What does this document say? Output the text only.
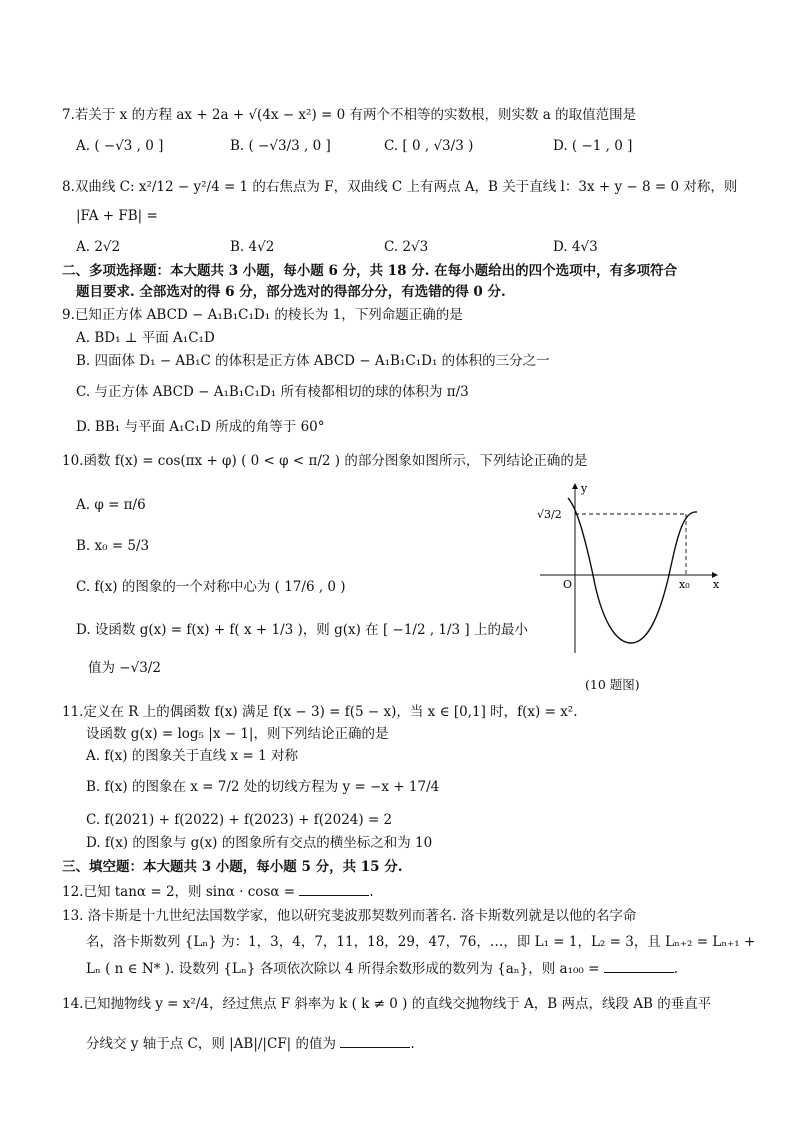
7.若关于 x 的方程 ax + 2a + √(4x − x²) = 0 有两个不相等的实数根，则实数 a 的取值范围是
A. ( −√3 , 0 ]	B. ( −√3/3 , 0 ]	C. [ 0 , √3/3 )	D. ( −1 , 0 ]
8.双曲线 C: x²/12 − y²/4 = 1 的右焦点为 F，双曲线 C 上有两点 A，B 关于直线 l：3x + y − 8 = 0 对称，则
|FA + FB| =
A. 2√2	B. 4√2	C. 2√3	D. 4√3
二、多项选择题：本大题共 3 小题，每小题 6 分，共 18 分. 在每小题给出的四个选项中，有多项符合
题目要求. 全部选对的得 6 分，部分选对的得部分分，有选错的得 0 分.
9.已知正方体 ABCD − A₁B₁C₁D₁ 的棱长为 1，下列命题正确的是
A. BD₁ ⊥ 平面 A₁C₁D
B. 四面体 D₁ − AB₁C 的体积是正方体 ABCD − A₁B₁C₁D₁ 的体积的三分之一
C. 与正方体 ABCD − A₁B₁C₁D₁ 所有棱都相切的球的体积为 π/3
D. BB₁ 与平面 A₁C₁D 所成的角等于 60°
10.函数 f(x) = cos(πx + φ) ( 0 < φ < π/2 ) 的部分图象如图所示，下列结论正确的是
A. φ = π/6
B. x₀ = 5/3
C. f(x) 的图象的一个对称中心为 ( 17/6 , 0 )
D. 设函数 g(x) = f(x) + f( x + 1/3 )，则 g(x) 在 [ −1/2 , 1/3 ] 上的最小
值为 −√3/2
y
x
O	x₀
√3/2
(10 题图)
11.定义在 R 上的偶函数 f(x) 满足 f(x − 3) = f(5 − x)，当 x ∈ [0,1] 时，f(x) = x².
设函数 g(x) = log₅ |x − 1|，则下列结论正确的是
A. f(x) 的图象关于直线 x = 1 对称
B. f(x) 的图象在 x = 7/2 处的切线方程为 y = −x + 17/4
C. f(2021) + f(2022) + f(2023) + f(2024) = 2
D. f(x) 的图象与 g(x) 的图象所有交点的横坐标之和为 10
三、填空题：本大题共 3 小题，每小题 5 分，共 15 分.
12.已知 tanα = 2，则 sinα · cosα =	.
13. 洛卡斯是十九世纪法国数学家，他以研究斐波那契数列而著名. 洛卡斯数列就是以他的名字命
名，洛卡斯数列 {Lₙ} 为：1，3，4，7，11，18，29，47，76，…，即 L₁ = 1，L₂ = 3，且 Lₙ₊₂ = Lₙ₊₁ +
Lₙ ( n ∈ N* ). 设数列 {Lₙ} 各项依次除以 4 所得余数形成的数列为 {aₙ}，则 a₁₀₀ =	.
14.已知抛物线 y = x²/4，经过焦点 F 斜率为 k ( k ≠ 0 ) 的直线交抛物线于 A，B 两点，线段 AB 的垂直平
分线交 y 轴于点 C，则 |AB|/|CF| 的值为	.
